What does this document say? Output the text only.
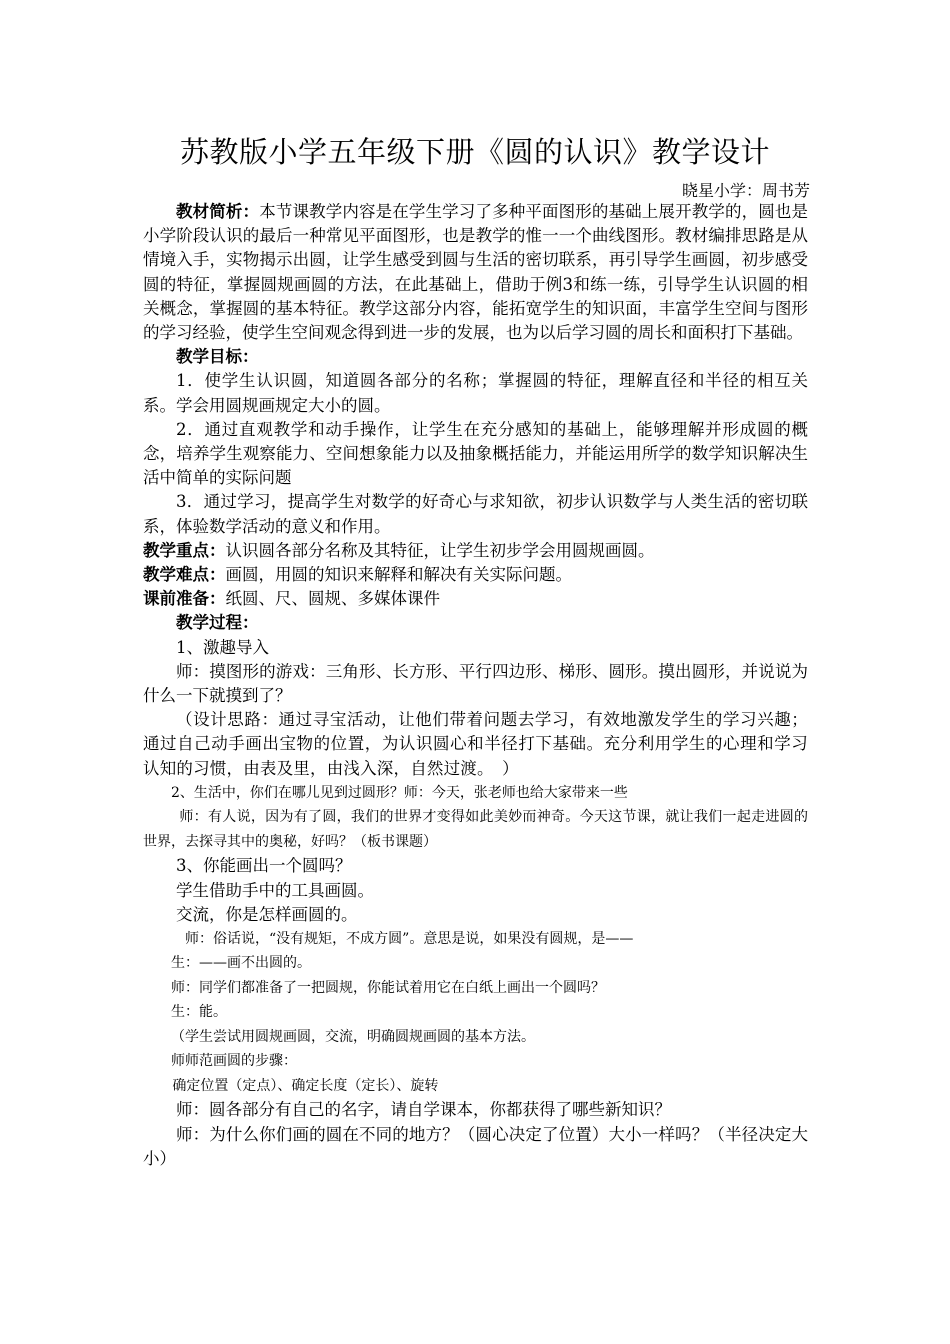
苏教版小学五年级下册《圆的认识》教学设计
晓星小学：周书芳

教材简析：本节课教学内容是在学生学习了多种平面图形的基础上展开教学的，圆也是小学阶段认识的最后一种常见平面图形，也是教学的惟一一个曲线图形。教材编排思路是从情境入手，实物揭示出圆，让学生感受到圆与生活的密切联系，再引导学生画圆，初步感受圆的特征，掌握圆规画圆的方法，在此基础上，借助于例3和练一练，引导学生认识圆的相关概念，掌握圆的基本特征。教学这部分内容，能拓宽学生的知识面，丰富学生空间与图形的学习经验，使学生空间观念得到进一步的发展，也为以后学习圆的周长和面积打下基础。

教学目标：

1．使学生认识圆，知道圆各部分的名称；掌握圆的特征，理解直径和半径的相互关系。学会用圆规画规定大小的圆。

2．通过直观教学和动手操作，让学生在充分感知的基础上，能够理解并形成圆的概念，培养学生观察能力、空间想象能力以及抽象概括能力，并能运用所学的数学知识解决生活中简单的实际问题

3．通过学习，提高学生对数学的好奇心与求知欲，初步认识数学与人类生活的密切联系，体验数学活动的意义和作用。

教学重点：认识圆各部分名称及其特征，让学生初步学会用圆规画圆。

教学难点：画圆，用圆的知识来解释和解决有关实际问题。

课前准备：纸圆、尺、圆规、多媒体课件

教学过程：

1、激趣导入

师：摸图形的游戏：三角形、长方形、平行四边形、梯形、圆形。摸出圆形，并说说为什么一下就摸到了？

（设计思路：通过寻宝活动，让他们带着问题去学习，有效地激发学生的学习兴趣；通过自己动手画出宝物的位置，为认识圆心和半径打下基础。充分利用学生的心理和学习认知的习惯，由表及里，由浅入深，自然过渡。　）

2、生活中，你们在哪儿见到过圆形？师：今天，张老师也给大家带来一些

师：有人说，因为有了圆，我们的世界才变得如此美妙而神奇。今天这节课，就让我们一起走进圆的世界，去探寻其中的奥秘，好吗？（板书课题）

3、你能画出一个圆吗？

学生借助手中的工具画圆。

交流，你是怎样画圆的。

师：俗话说，“没有规矩，不成方圆”。意思是说，如果没有圆规，是——

生：——画不出圆的。

师：同学们都准备了一把圆规，你能试着用它在白纸上画出一个圆吗？

生：能。

（学生尝试用圆规画圆，交流，明确圆规画圆的基本方法。

师师范画圆的步骤：

确定位置（定点）、确定长度（定长）、旋转

师：圆各部分有自己的名字，请自学课本，你都获得了哪些新知识？

师：为什么你们画的圆在不同的地方？（圆心决定了位置）大小一样吗？（半径决定大小）
